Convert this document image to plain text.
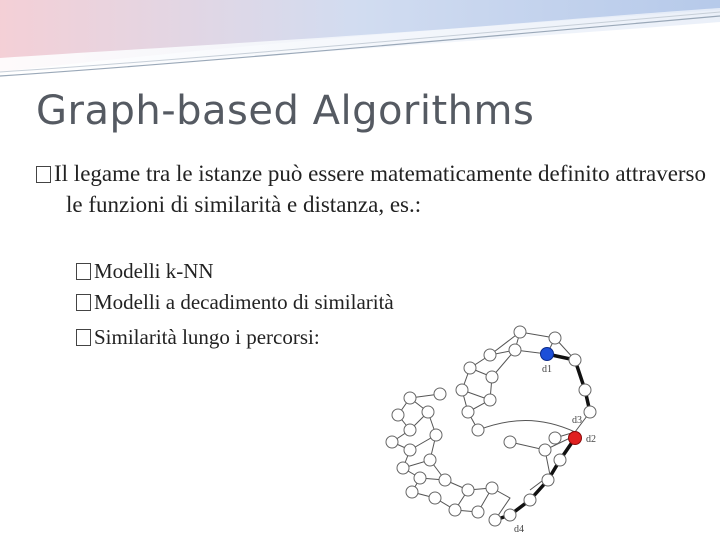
Graph-based Algorithms
Il legame tra le istanze può essere matematicamente definito attraverso le funzioni di similarità e distanza, es.:
Modelli k-NN
Modelli a decadimento di similarità
Similarità lungo i percorsi:
d1
d2
d3
d4
